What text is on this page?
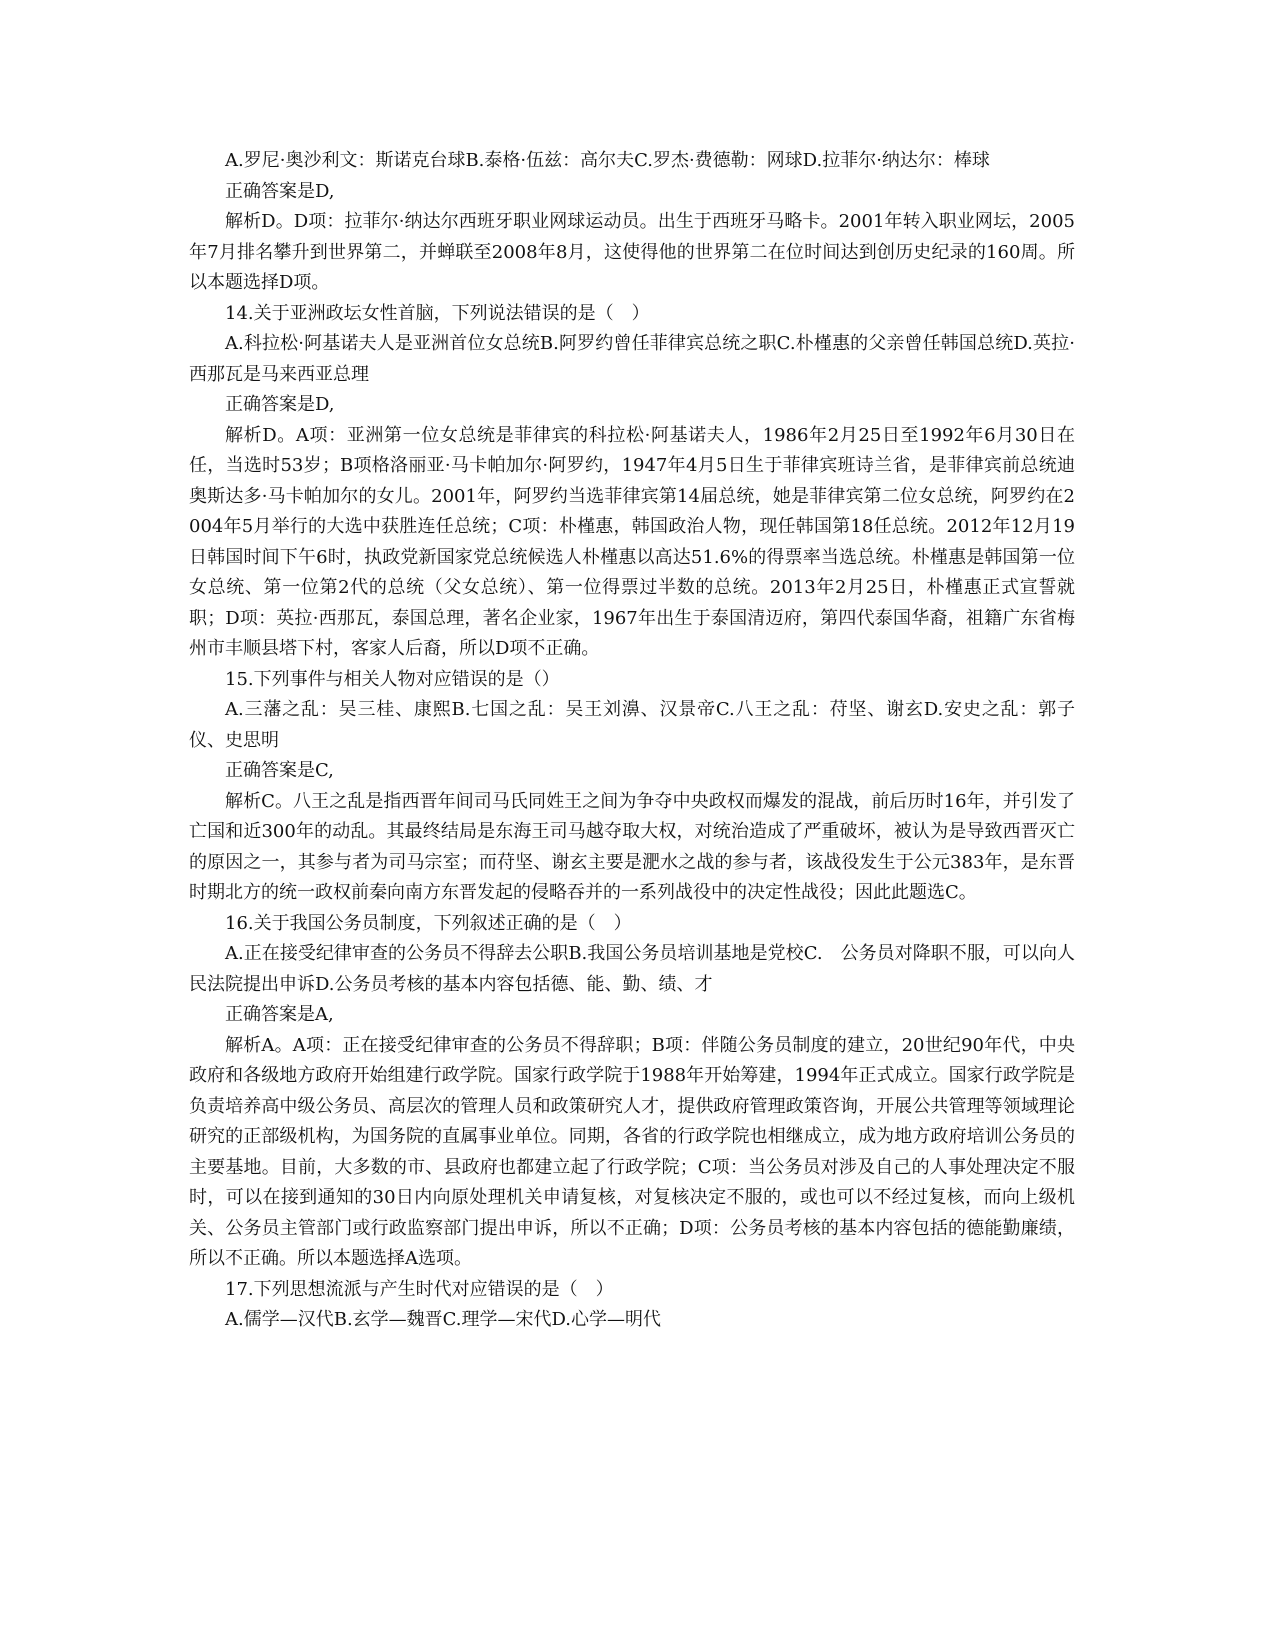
A.罗尼·奥沙利文：斯诺克台球B.泰格·伍兹：高尔夫C.罗杰·费德勒：网球D.拉菲尔·纳达尔：棒球

正确答案是D,

解析D。D项：拉菲尔·纳达尔西班牙职业网球运动员。出生于西班牙马略卡。2001年转入职业网坛，2005年7月排名攀升到世界第二，并蝉联至2008年8月，这使得他的世界第二在位时间达到创历史纪录的160周。所以本题选择D项。

14.关于亚洲政坛女性首脑，下列说法错误的是（　）

A.科拉松·阿基诺夫人是亚洲首位女总统B.阿罗约曾任菲律宾总统之职C.朴槿惠的父亲曾任韩国总统D.英拉·西那瓦是马来西亚总理

正确答案是D,

解析D。A项：亚洲第一位女总统是菲律宾的科拉松·阿基诺夫人，1986年2月25日至1992年6月30日在任，当选时53岁；B项格洛丽亚·马卡帕加尔·阿罗约，1947年4月5日生于菲律宾班诗兰省，是菲律宾前总统迪奥斯达多·马卡帕加尔的女儿。2001年，阿罗约当选菲律宾第14届总统，她是菲律宾第二位女总统，阿罗约在2004年5月举行的大选中获胜连任总统；C项：朴槿惠，韩国政治人物，现任韩国第18任总统。2012年12月19日韩国时间下午6时，执政党新国家党总统候选人朴槿惠以高达51.6%的得票率当选总统。朴槿惠是韩国第一位女总统、第一位第2代的总统（父女总统）、第一位得票过半数的总统。2013年2月25日，朴槿惠正式宣誓就职；D项：英拉·西那瓦，泰国总理，著名企业家，1967年出生于泰国清迈府，第四代泰国华裔，祖籍广东省梅州市丰顺县塔下村，客家人后裔，所以D项不正确。

15.下列事件与相关人物对应错误的是（）

A.三藩之乱：吴三桂、康熙B.七国之乱：吴王刘濞、汉景帝C.八王之乱：苻坚、谢玄D.安史之乱：郭子仪、史思明

正确答案是C,

解析C。八王之乱是指西晋年间司马氏同姓王之间为争夺中央政权而爆发的混战，前后历时16年，并引发了亡国和近300年的动乱。其最终结局是东海王司马越夺取大权，对统治造成了严重破坏，被认为是导致西晋灭亡的原因之一，其参与者为司马宗室；而苻坚、谢玄主要是淝水之战的参与者，该战役发生于公元383年，是东晋时期北方的统一政权前秦向南方东晋发起的侵略吞并的一系列战役中的决定性战役；因此此题选C。

16.关于我国公务员制度，下列叙述正确的是（　）

A.正在接受纪律审查的公务员不得辞去公职B.我国公务员培训基地是党校C.　公务员对降职不服，可以向人民法院提出申诉D.公务员考核的基本内容包括德、能、勤、绩、才

正确答案是A,

解析A。A项：正在接受纪律审查的公务员不得辞职；B项：伴随公务员制度的建立，20世纪90年代，中央政府和各级地方政府开始组建行政学院。国家行政学院于1988年开始筹建，1994年正式成立。国家行政学院是负责培养高中级公务员、高层次的管理人员和政策研究人才，提供政府管理政策咨询，开展公共管理等领域理论研究的正部级机构，为国务院的直属事业单位。同期，各省的行政学院也相继成立，成为地方政府培训公务员的主要基地。目前，大多数的市、县政府也都建立起了行政学院；C项：当公务员对涉及自己的人事处理决定不服时，可以在接到通知的30日内向原处理机关申请复核，对复核决定不服的，或也可以不经过复核，而向上级机关、公务员主管部门或行政监察部门提出申诉，所以不正确；D项：公务员考核的基本内容包括的德能勤廉绩，所以不正确。所以本题选择A选项。

17.下列思想流派与产生时代对应错误的是（　）

A.儒学—汉代B.玄学—魏晋C.理学—宋代D.心学—明代
